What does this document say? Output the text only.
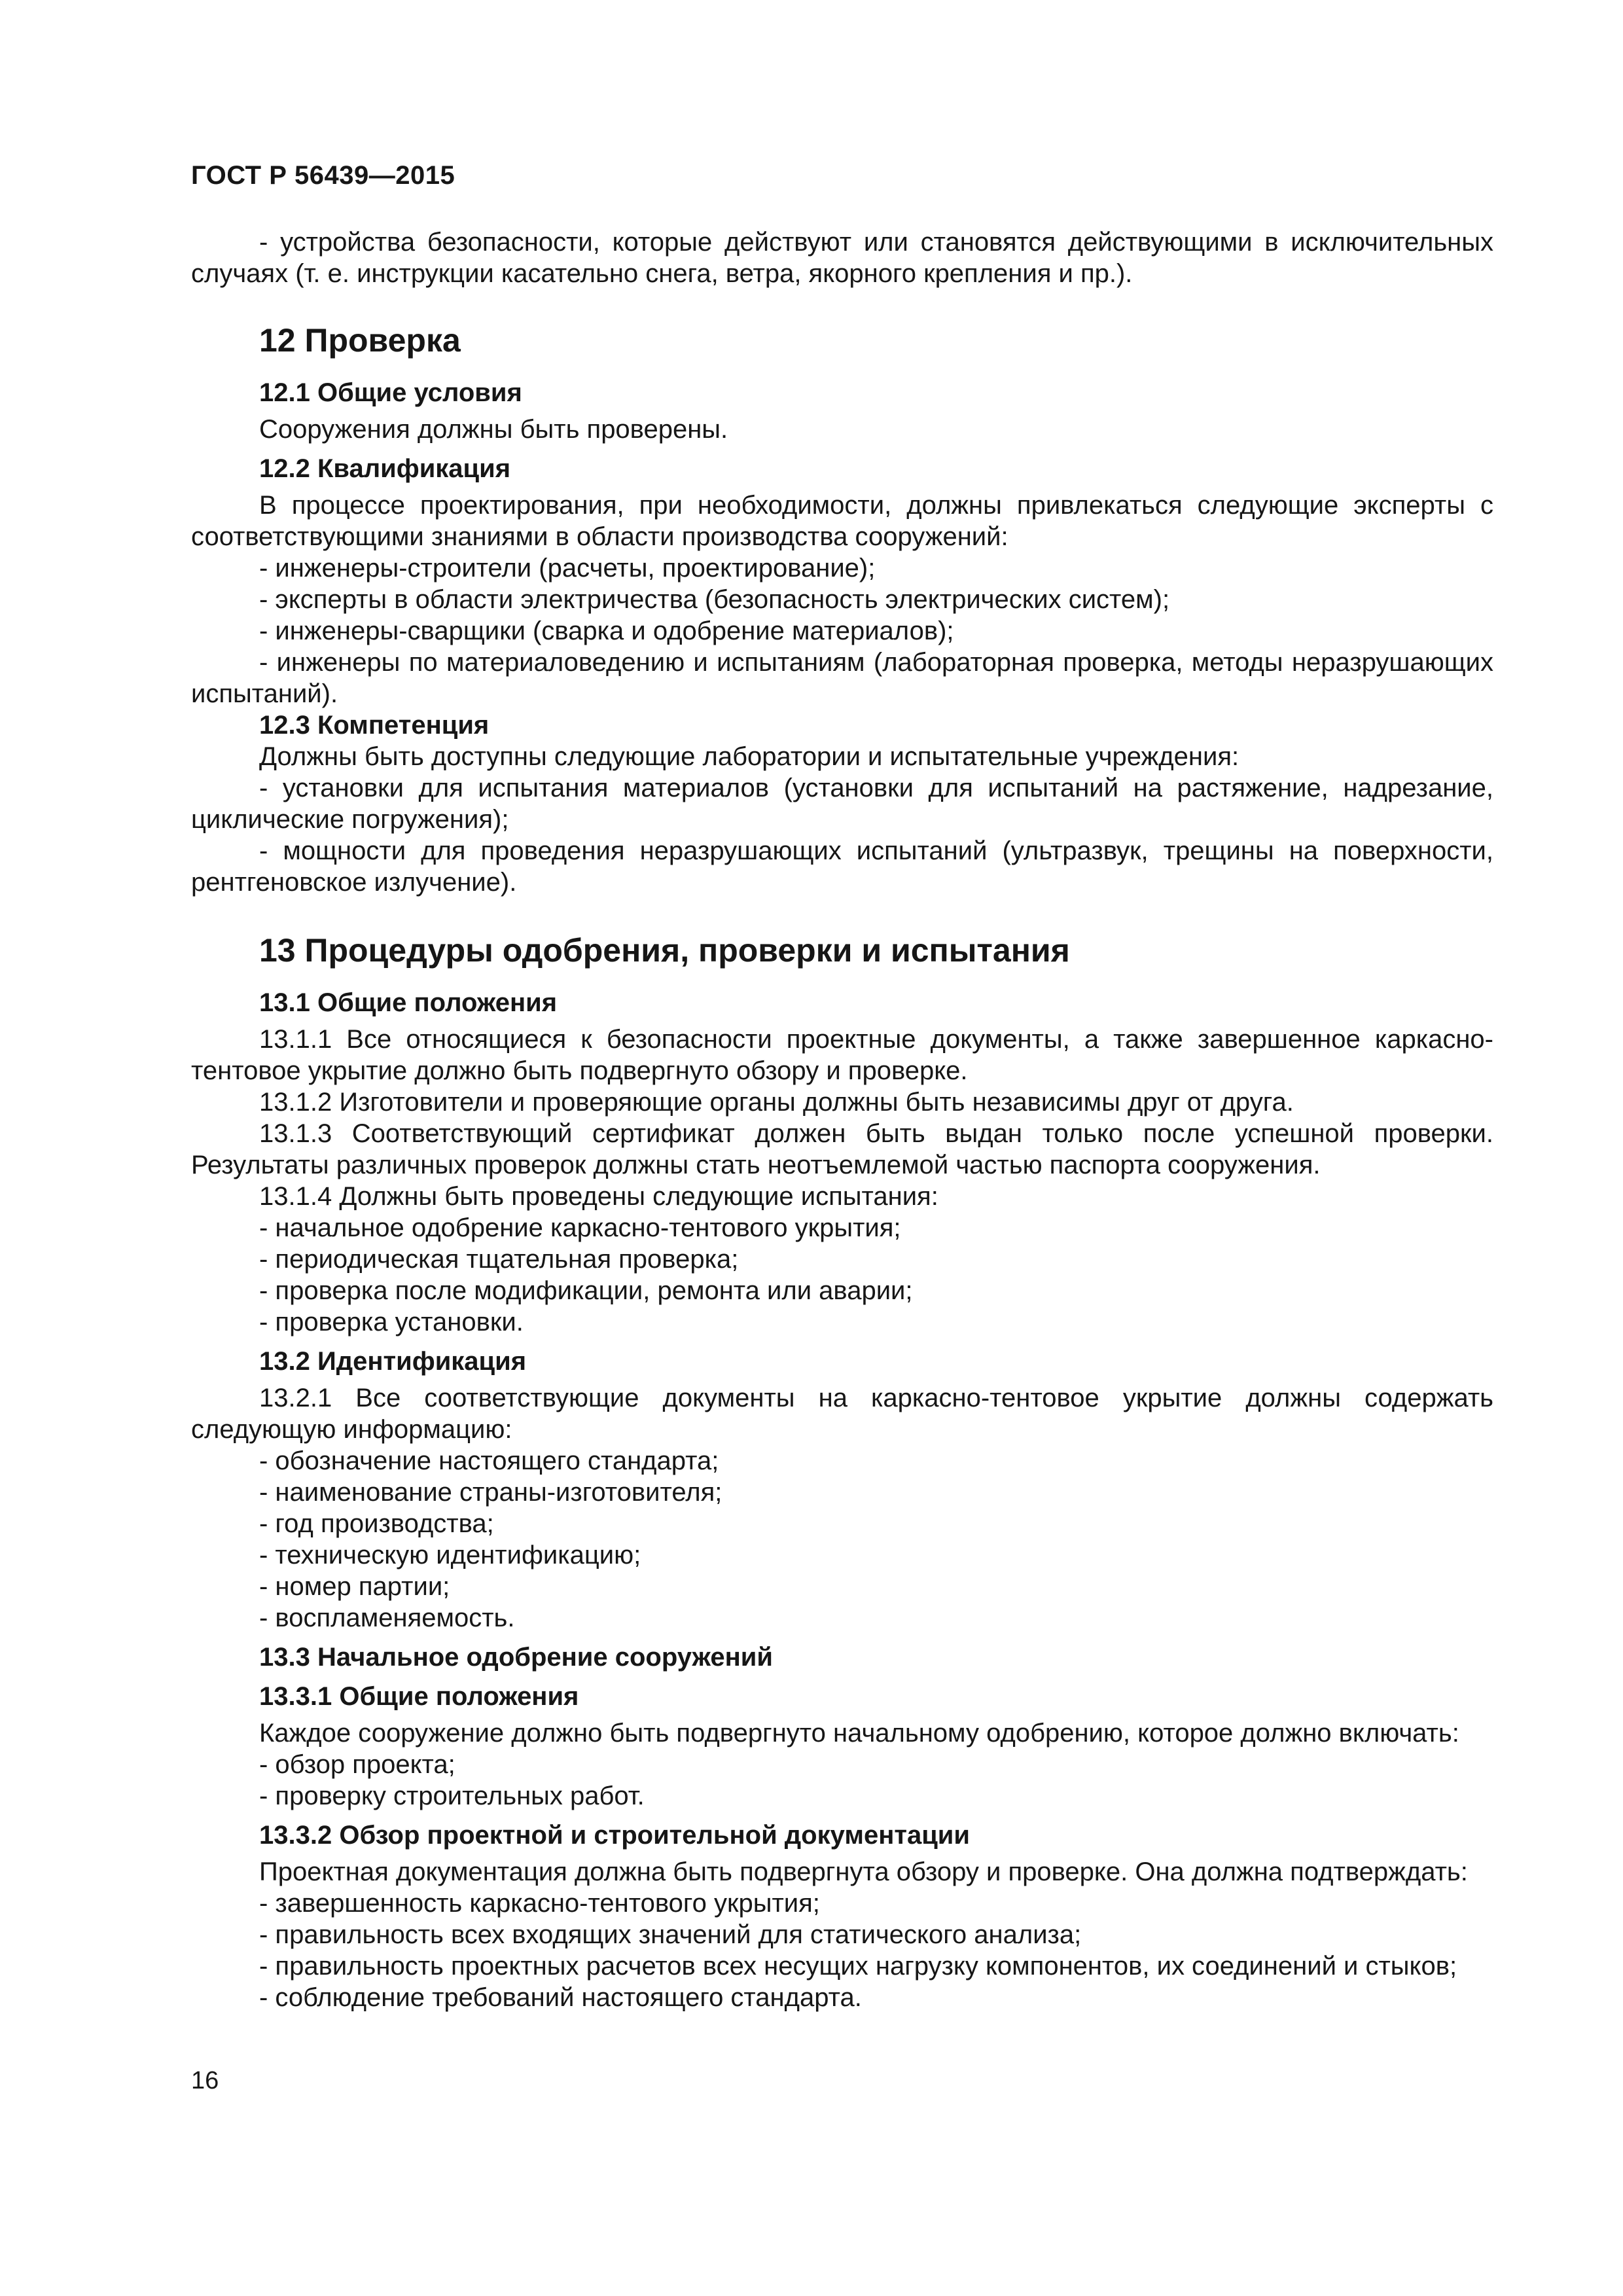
ГОСТ Р 56439—2015

- устройства безопасности, которые действуют или становятся действующими в исключительных случаях (т. е. инструкции касательно снега, ветра, якорного крепления и пр.).

12 Проверка
12.1 Общие условия

Сооружения должны быть проверены.

12.2 Квалификация

В процессе проектирования, при необходимости, должны привлекаться следующие эксперты с соответствующими знаниями в области производства сооружений:

- инженеры-строители (расчеты, проектирование);

- эксперты в области электричества (безопасность электрических систем);

- инженеры-сварщики (сварка и одобрение материалов);

- инженеры по материаловедению и испытаниям (лабораторная проверка, методы неразрушающих испытаний).

12.3 Компетенция

Должны быть доступны следующие лаборатории и испытательные учреждения:

- установки для испытания материалов (установки для испытаний на растяжение, надрезание, циклические погружения);

- мощности для проведения неразрушающих испытаний (ультразвук, трещины на поверхности, рентгеновское излучение).

13 Процедуры одобрения, проверки и испытания
13.1 Общие положения

13.1.1 Все относящиеся к безопасности проектные документы, а также завершенное каркасно-тентовое укрытие должно быть подвергнуто обзору и проверке.

13.1.2 Изготовители и проверяющие органы должны быть независимы друг от друга.

13.1.3 Соответствующий сертификат должен быть выдан только после успешной проверки. Результаты различных проверок должны стать неотъемлемой частью паспорта сооружения.

13.1.4 Должны быть проведены следующие испытания:

- начальное одобрение каркасно-тентового укрытия;

- периодическая тщательная проверка;

- проверка после модификации, ремонта или аварии;

- проверка установки.

13.2 Идентификация

13.2.1 Все соответствующие документы на каркасно-тентовое укрытие должны содержать следующую информацию:

- обозначение настоящего стандарта;

- наименование страны-изготовителя;

- год производства;

- техническую идентификацию;

- номер партии;

- воспламеняемость.

13.3 Начальное одобрение сооружений
13.3.1 Общие положения

Каждое сооружение должно быть подвергнуто начальному одобрению, которое должно включать:

- обзор проекта;

- проверку строительных работ.

13.3.2 Обзор проектной и строительной документации

Проектная документация должна быть подвергнута обзору и проверке. Она должна подтверждать:

- завершенность каркасно-тентового укрытия;

- правильность всех входящих значений для статического анализа;

- правильность проектных расчетов всех несущих нагрузку компонентов, их соединений и стыков;

- соблюдение требований настоящего стандарта.

16
